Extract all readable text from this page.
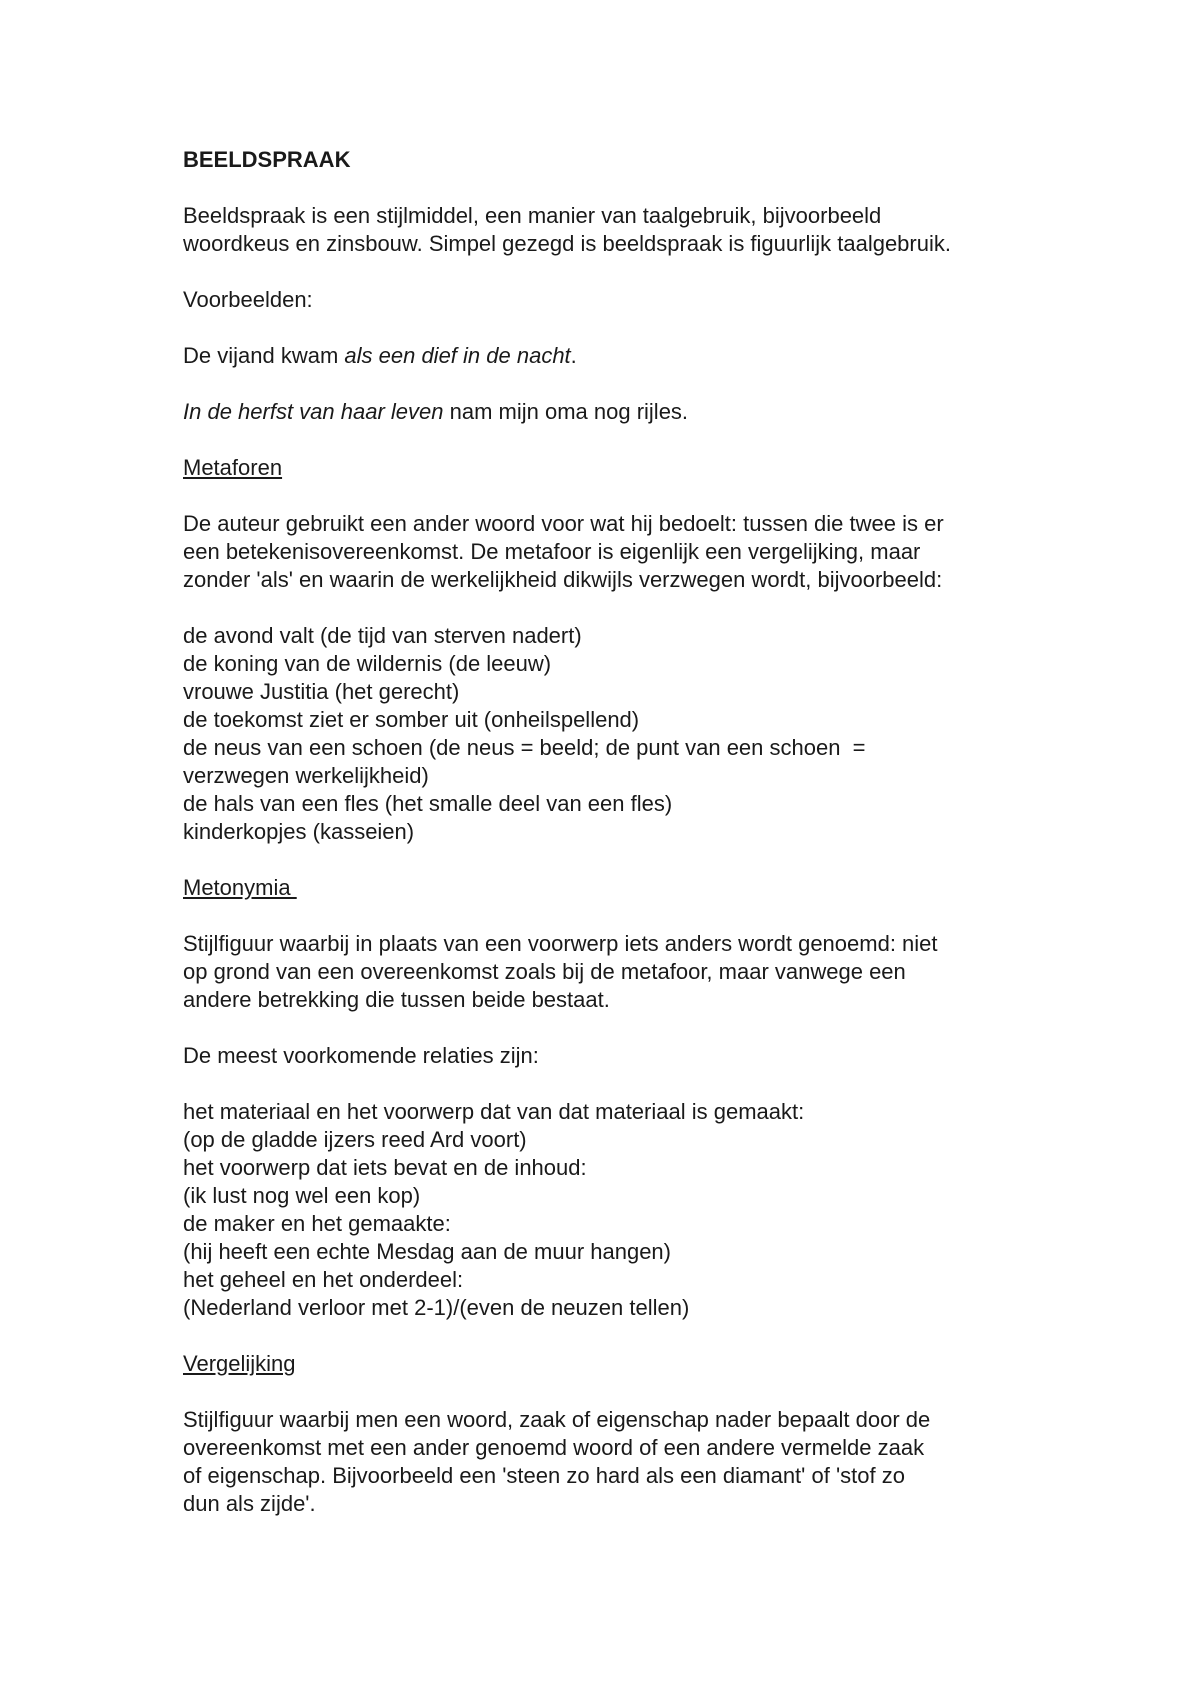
BEELDSPRAAK

Beeldspraak is een stijlmiddel, een manier van taalgebruik, bijvoorbeeld
woordkeus en zinsbouw. Simpel gezegd is beeldspraak is figuurlijk taalgebruik.

Voorbeelden:

De vijand kwam als een dief in de nacht.

In de herfst van haar leven nam mijn oma nog rijles.

Metaforen

De auteur gebruikt een ander woord voor wat hij bedoelt: tussen die twee is er
een betekenisovereenkomst. De metafoor is eigenlijk een vergelijking, maar
zonder 'als' en waarin de werkelijkheid dikwijls verzwegen wordt, bijvoorbeeld:

de avond valt (de tijd van sterven nadert)
de koning van de wildernis (de leeuw)
vrouwe Justitia (het gerecht)
de toekomst ziet er somber uit (onheilspellend)
de neus van een schoen (de neus = beeld; de punt van een schoen  =
verzwegen werkelijkheid)
de hals van een fles (het smalle deel van een fles)
kinderkopjes (kasseien)

Metonymia

Stijlfiguur waarbij in plaats van een voorwerp iets anders wordt genoemd: niet
op grond van een overeenkomst zoals bij de metafoor, maar vanwege een
andere betrekking die tussen beide bestaat.

De meest voorkomende relaties zijn:

het materiaal en het voorwerp dat van dat materiaal is gemaakt:
(op de gladde ijzers reed Ard voort)
het voorwerp dat iets bevat en de inhoud:
(ik lust nog wel een kop)
de maker en het gemaakte:
(hij heeft een echte Mesdag aan de muur hangen)
het geheel en het onderdeel:
(Nederland verloor met 2-1)/(even de neuzen tellen)

Vergelijking

Stijlfiguur waarbij men een woord, zaak of eigenschap nader bepaalt door de
overeenkomst met een ander genoemd woord of een andere vermelde zaak
of eigenschap. Bijvoorbeeld een 'steen zo hard als een diamant' of 'stof zo
dun als zijde'.
